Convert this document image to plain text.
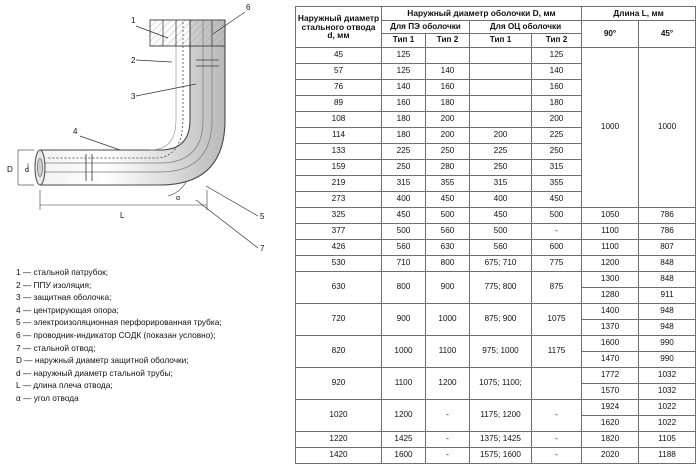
1
2
3
4
6
5
7
D d
L
α
1 — стальной патрубок;
2 — ППУ изоляция;
3 — защитная оболочка;
4 — центрирующая опора;
5 — электроизоляционная перфорированная трубка;
6 — проводник-индикатор СОДК (показан условно);
7 — стальной отвод;
D — наружный диаметр защитной оболочки;
d — наружный диаметр стальной трубы;
L — длина плеча отвода;
α — угол отвода
Наружный диаметр стального отвода d, мм	Наружный диаметр оболочки D, мм				Длина L, мм	
	Для ПЭ оболочки		Для ОЦ оболочки		90°	45°
	Тип 1	Тип 2	Тип 1	Тип 2		
45	125			125	1000	1000
57	125	140		140		
76	140	160		160		
89	160	180		180		
108	180	200		200		
114	180	200	200	225		
133	225	250	225	250		
159	250	280	250	315		
219	315	355	315	355		
273	400	450	400	450		
325	450	500	450	500	1050	786
377	500	560	500	-	1100	786
426	560	630	560	600	1100	807
530	710	800	675; 710	775	1200	848
630	800	900	775; 800	875	1300	848
					1280	911
720	900	1000	875; 900	1075	1400	948
					1370	948
820	1000	1100	975; 1000	1175	1600	990
					1470	990
920	1100	1200	1075; 1100;		1772	1032
					1570	1032
1020	1200	-	1175; 1200	-	1924	1022
					1620	1022
1220	1425	-	1375; 1425	-	1820	1105
1420	1600	-	1575; 1600	-	2020	1188
